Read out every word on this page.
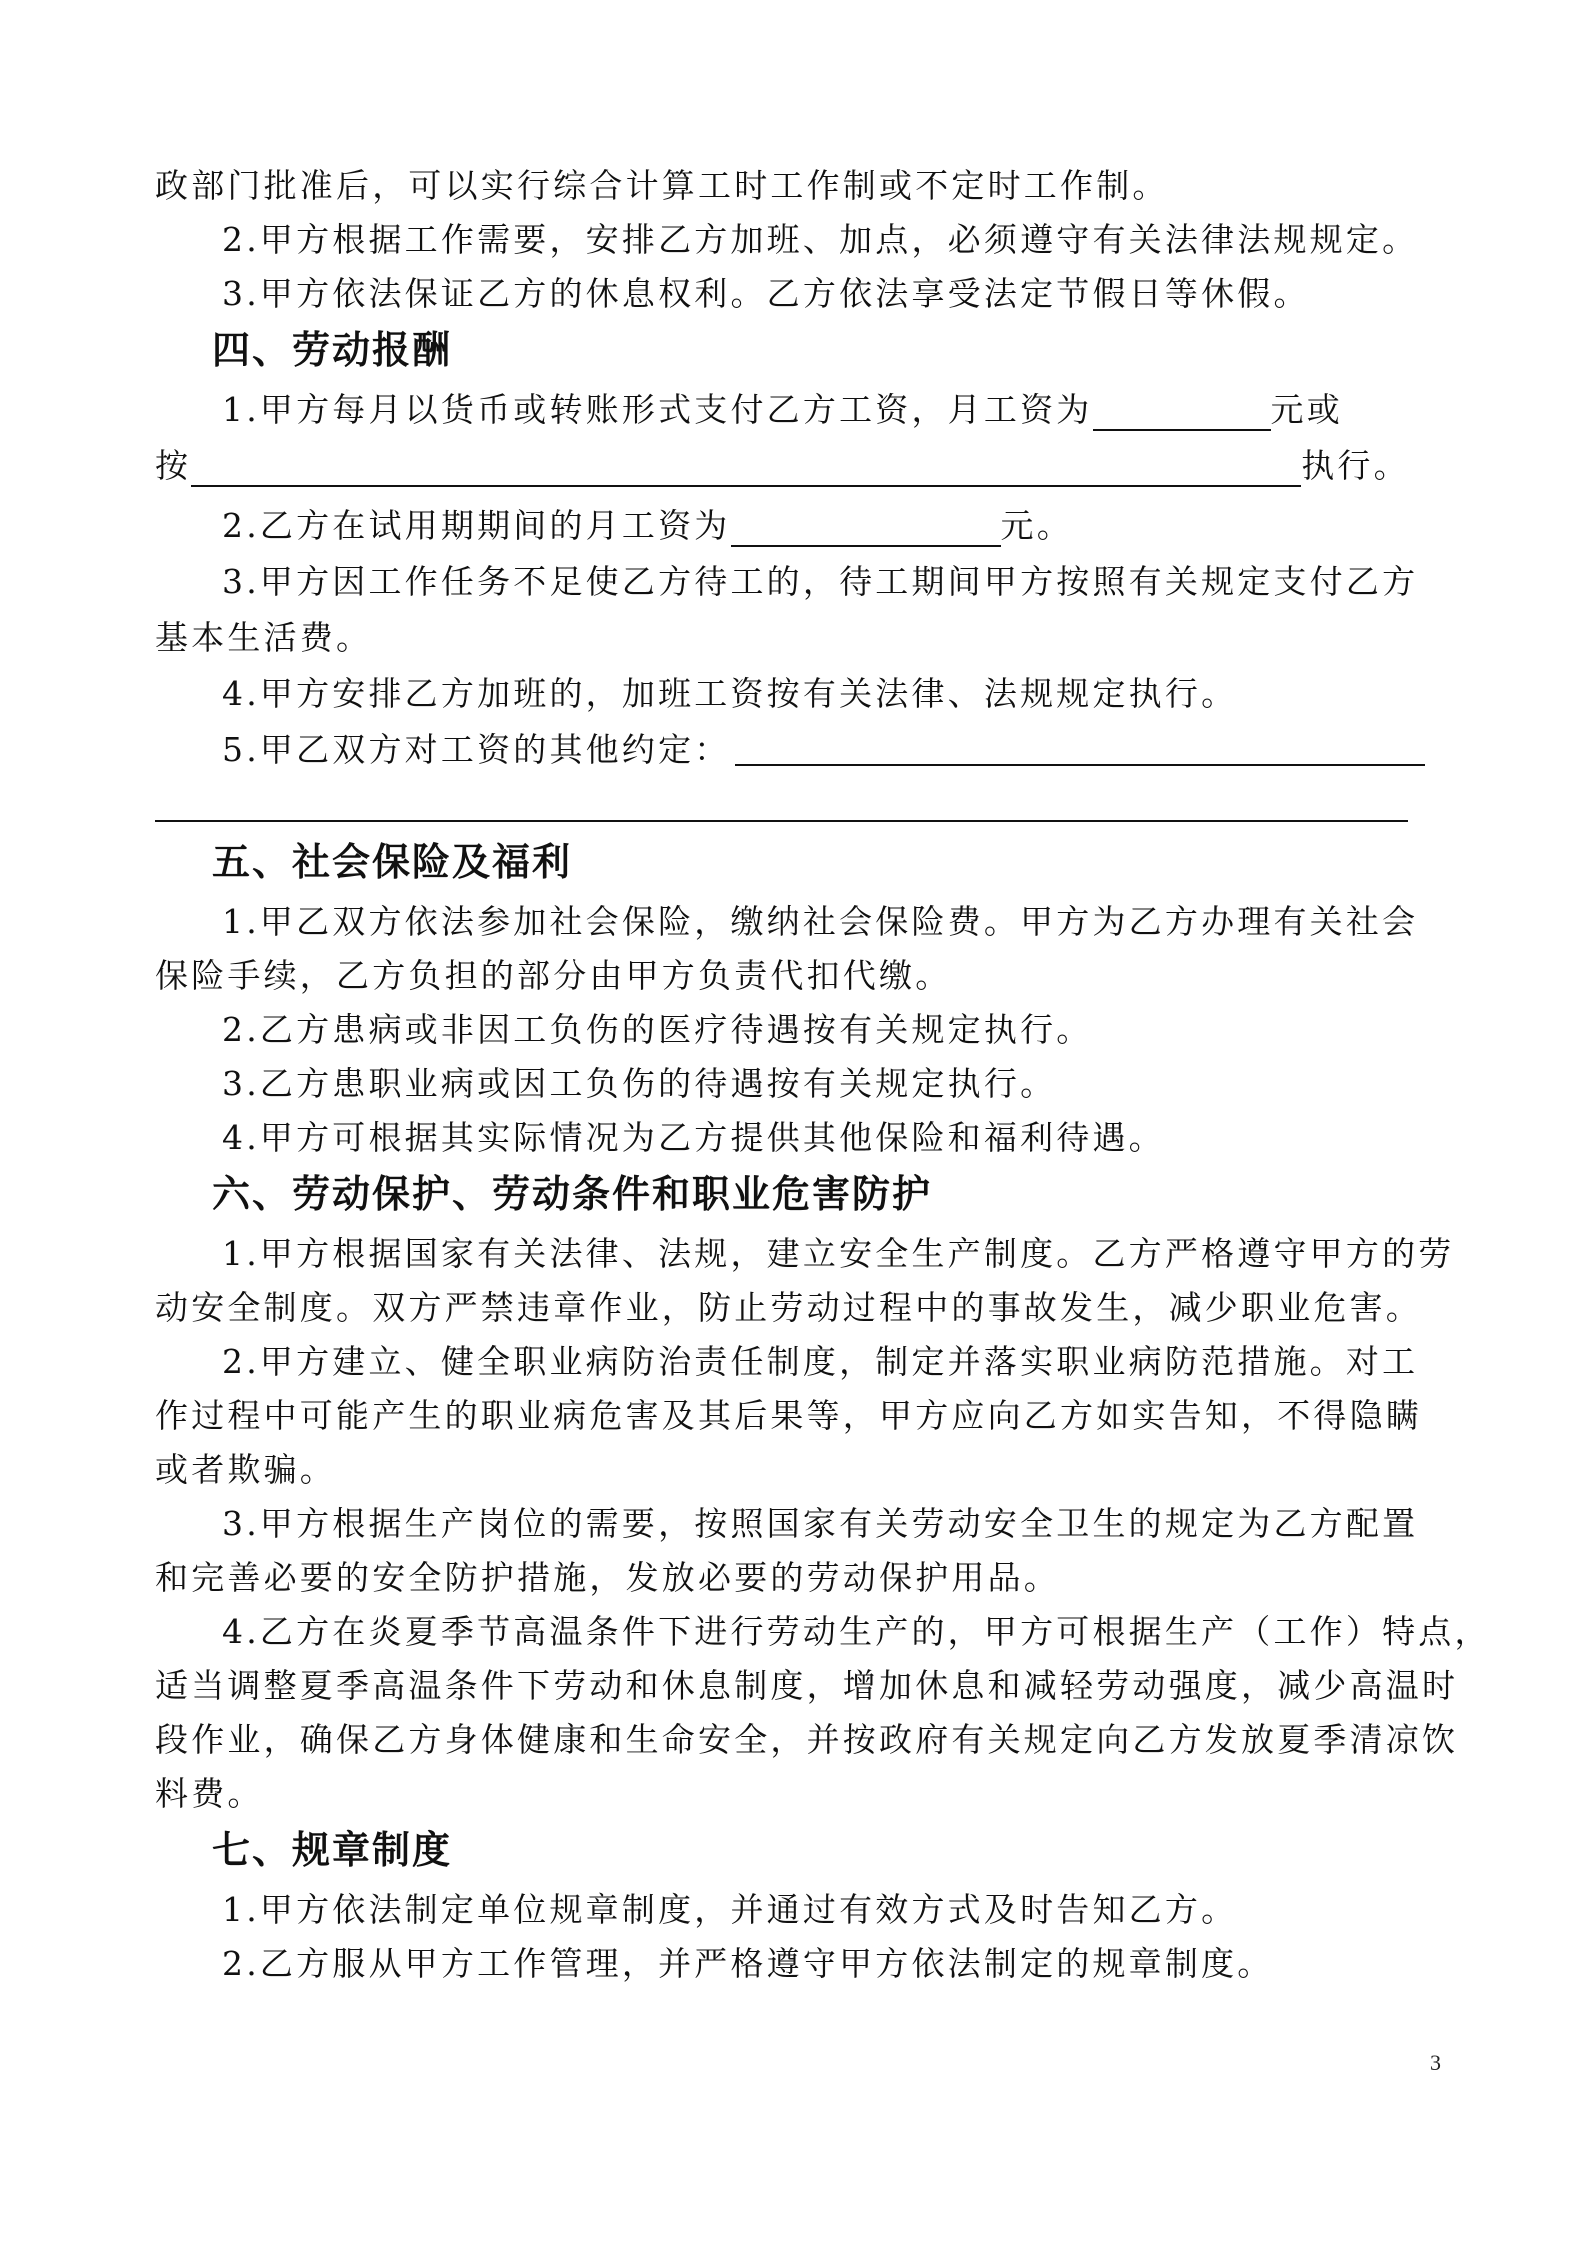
政部门批准后，可以实行综合计算工时工作制或不定时工作制。
2.甲方根据工作需要，安排乙方加班、加点，必须遵守有关法律法规规定。
3.甲方依法保证乙方的休息权利。乙方依法享受法定节假日等休假。
四、劳动报酬
1.甲方每月以货币或转账形式支付乙方工资，月工资为	元或
按	执行。
2.乙方在试用期期间的月工资为	元。
3.甲方因工作任务不足使乙方待工的，待工期间甲方按照有关规定支付乙方
基本生活费。
4.甲方安排乙方加班的，加班工资按有关法律、法规规定执行。
5.甲乙双方对工资的其他约定：
五、社会保险及福利
1.甲乙双方依法参加社会保险，缴纳社会保险费。甲方为乙方办理有关社会
保险手续，乙方负担的部分由甲方负责代扣代缴。
2.乙方患病或非因工负伤的医疗待遇按有关规定执行。
3.乙方患职业病或因工负伤的待遇按有关规定执行。
4.甲方可根据其实际情况为乙方提供其他保险和福利待遇。
六、劳动保护、劳动条件和职业危害防护
1.甲方根据国家有关法律、法规，建立安全生产制度。乙方严格遵守甲方的劳
动安全制度。双方严禁违章作业，防止劳动过程中的事故发生，减少职业危害。
2.甲方建立、健全职业病防治责任制度，制定并落实职业病防范措施。对工
作过程中可能产生的职业病危害及其后果等，甲方应向乙方如实告知，不得隐瞒
或者欺骗。
3.甲方根据生产岗位的需要，按照国家有关劳动安全卫生的规定为乙方配置
和完善必要的安全防护措施，发放必要的劳动保护用品。
4.乙方在炎夏季节高温条件下进行劳动生产的，甲方可根据生产（工作）特点，
适当调整夏季高温条件下劳动和休息制度，增加休息和减轻劳动强度，减少高温时
段作业，确保乙方身体健康和生命安全，并按政府有关规定向乙方发放夏季清凉饮
料费。
七、规章制度
1.甲方依法制定单位规章制度，并通过有效方式及时告知乙方。
2.乙方服从甲方工作管理，并严格遵守甲方依法制定的规章制度。
3
